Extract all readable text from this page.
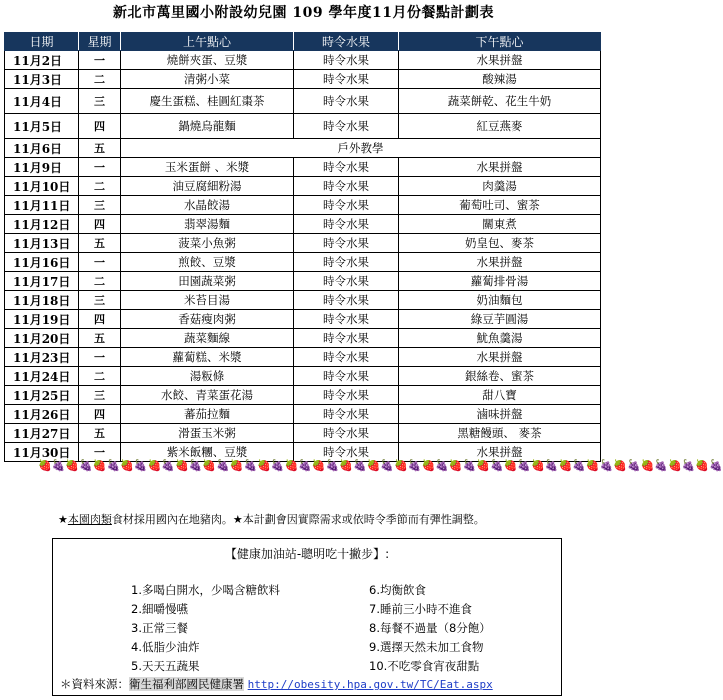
新北市萬里國小附設幼兒園 109 學年度11月份餐點計劃表
日期	星期	上午點心	時令水果	下午點心
11月2日	一	燒餅夾蛋、豆漿	時令水果	水果拼盤
11月3日	二	清粥小菜	時令水果	酸辣湯
11月4日	三	慶生蛋糕、桂圓紅棗茶	時令水果	蔬菜餅乾、花生牛奶
11月5日	四	鍋燒烏龍麵	時令水果	紅豆燕麥
11月6日	五	戶外教學		
11月9日	一	玉米蛋餅 、米漿	時令水果	水果拼盤
11月10日	二	油豆腐細粉湯	時令水果	肉羹湯
11月11日	三	水晶餃湯	時令水果	葡萄吐司、蜜茶
11月12日	四	翡翠湯麵	時令水果	關東煮
11月13日	五	菠菜小魚粥	時令水果	奶皇包、麥茶
11月16日	一	煎餃、豆漿	時令水果	水果拼盤
11月17日	二	田園蔬菜粥	時令水果	蘿蔔排骨湯
11月18日	三	米苔目湯	時令水果	奶油麵包
11月19日	四	香菇瘦肉粥	時令水果	綠豆芋圓湯
11月20日	五	蔬菜麵線	時令水果	魷魚羹湯
11月23日	一	蘿蔔糕、米漿	時令水果	水果拼盤
11月24日	二	湯粄條	時令水果	銀絲卷、蜜茶
11月25日	三	水餃、青菜蛋花湯	時令水果	甜八寶
11月26日	四	蕃茄拉麵	時令水果	滷味拼盤
11月27日	五	滑蛋玉米粥	時令水果	黑糖饅頭、 麥茶
11月30日	一	紫米飯糰、豆漿	時令水果	水果拼盤
🍓🍇🍓🍇🍓🍇🍓🍇🍓🍇🍓🍇🍓🍇🍓🍇🍓🍇🍓🍇🍓🍇🍓🍇🍓🍇🍓🍇🍓🍇🍓🍇🍓🍇🍓🍇🍓🍇🍓🍇🍓🍇🍓🍇🍓🍇🍓🍇🍓🍇
★本園肉類食材採用國內在地豬肉。★本計劃會因實際需求或依時令季節而有彈性調整。
【健康加油站-聰明吃十撇步】:
1.多喝白開水，少喝含糖飲料
2.細嚼慢嚥
3.正常三餐
4.低脂少油炸
5.天天五蔬果
6.均衡飲食
7.睡前三小時不進食
8.每餐不過量（8分飽）
9.選擇天然未加工食物
10.不吃零食宵夜甜點
＊資料來源：衛生福利部國民健康署 http://obesity.hpa.gov.tw/TC/Eat.aspx
